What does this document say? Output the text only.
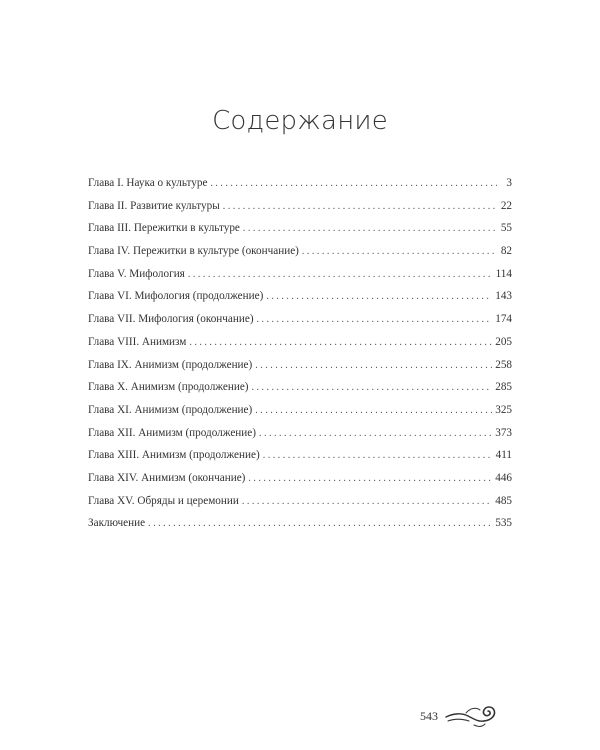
Содержание
Глава I. Наука о культуре . . .	3
Глава II. Развитие культуры . . .	22
Глава III. Пережитки в культуре . . .	55
Глава IV. Пережитки в культуре (окончание) . . .	82
Глава V. Мифология . . .	114
Глава VI. Мифология (продолжение) . . .	143
Глава VII. Мифология (окончание) . . .	174
Глава VIII. Анимизм . . .	205
Глава IX. Анимизм (продолжение) . . .	258
Глава X. Анимизм (продолжение) . . .	285
Глава XI. Анимизм (продолжение) . . .	325
Глава XII. Анимизм (продолжение) . . .	373
Глава XIII. Анимизм (продолжение) . . .	411
Глава XIV. Анимизм (окончание) . . .	446
Глава XV. Обряды и церемонии . . .	485
Заключение . . .	535
543
